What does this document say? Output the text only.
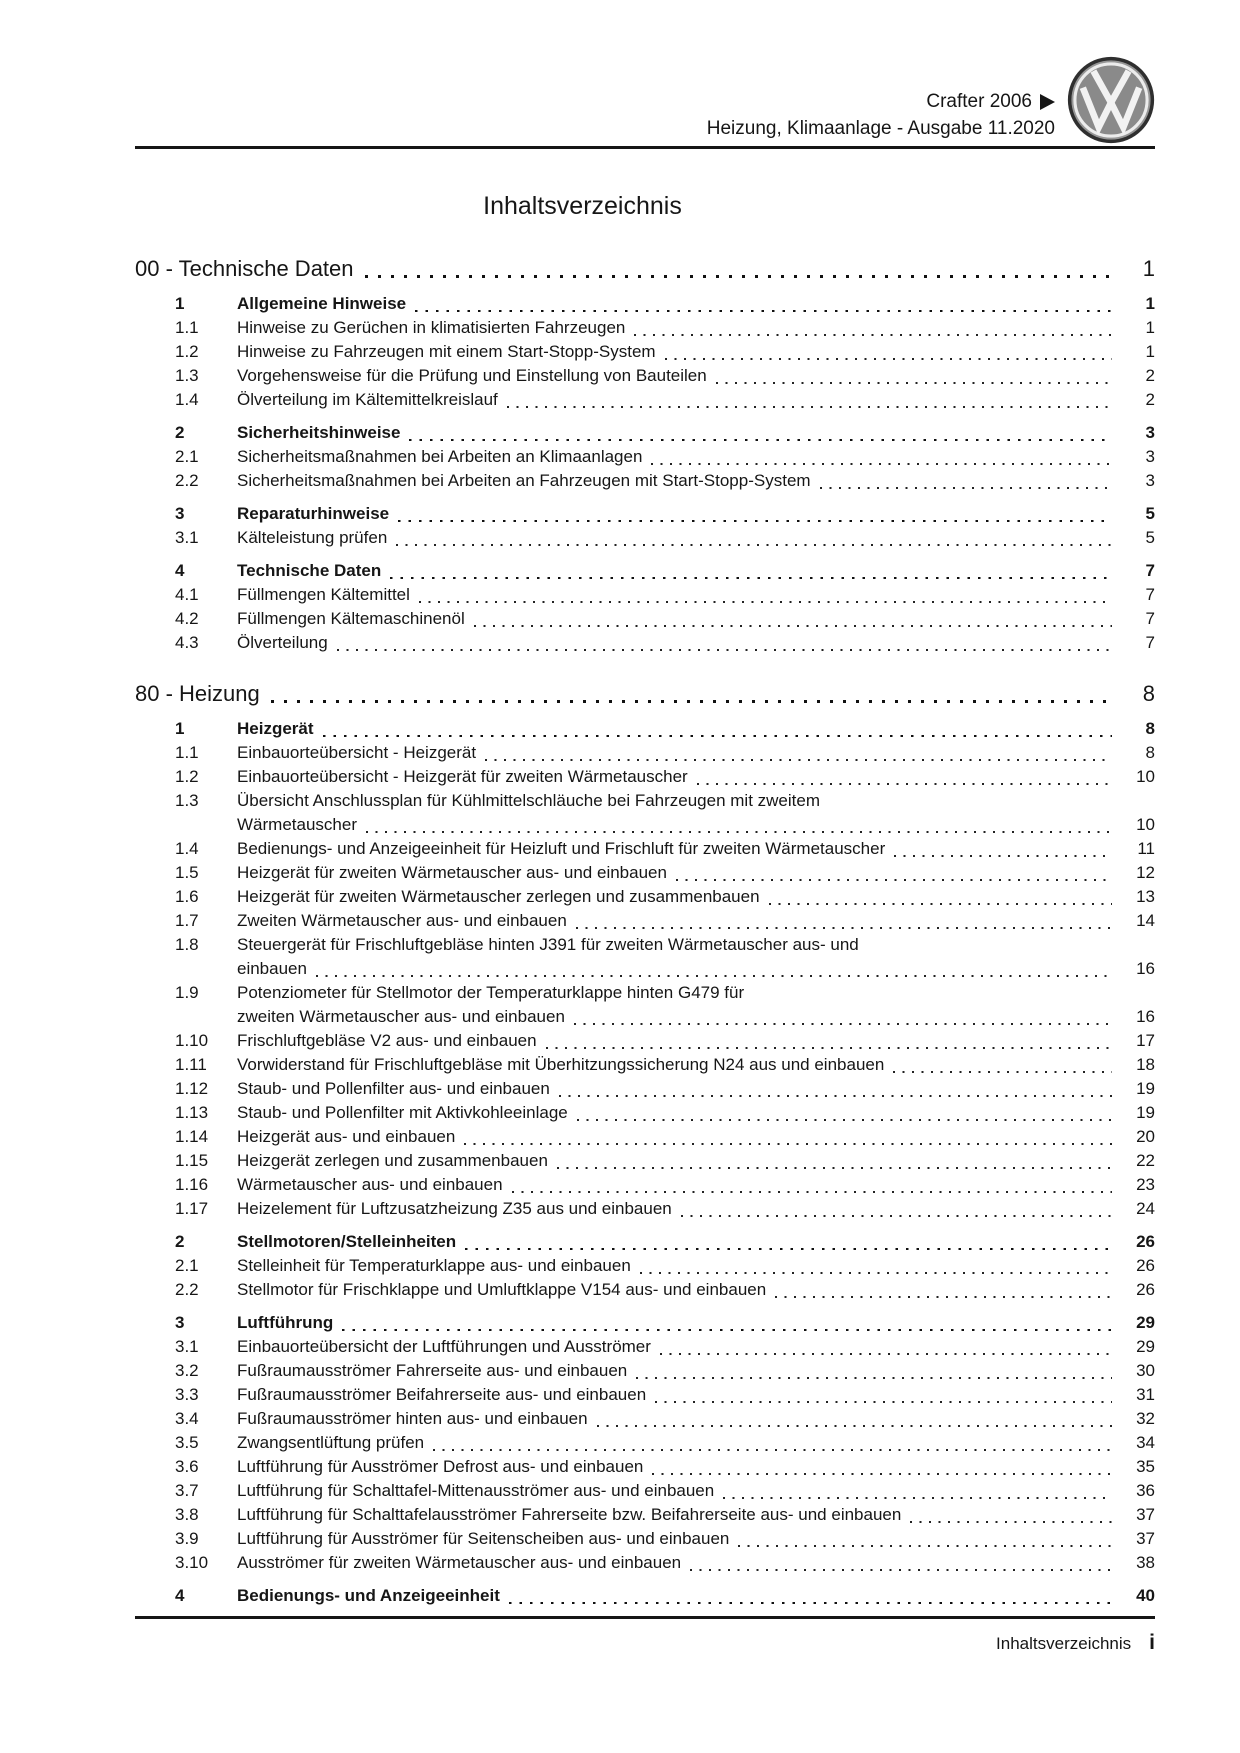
Crafter 2006
Heizung, Klimaanlage - Ausgabe 11.2020
Inhaltsverzeichnis
00 - Technische Daten	1
1	Allgemeine Hinweise	1
1.1	Hinweise zu Gerüchen in klimatisierten Fahrzeugen	1
1.2	Hinweise zu Fahrzeugen mit einem Start-Stopp-System	1
1.3	Vorgehensweise für die Prüfung und Einstellung von Bauteilen	2
1.4	Ölverteilung im Kältemittelkreislauf	2
2	Sicherheitshinweise	3
2.1	Sicherheitsmaßnahmen bei Arbeiten an Klimaanlagen	3
2.2	Sicherheitsmaßnahmen bei Arbeiten an Fahrzeugen mit Start-Stopp-System	3
3	Reparaturhinweise	5
3.1	Kälteleistung prüfen	5
4	Technische Daten	7
4.1	Füllmengen Kältemittel	7
4.2	Füllmengen Kältemaschinenöl	7
4.3	Ölverteilung	7
80 - Heizung	8
1	Heizgerät	8
1.1	Einbauorteübersicht - Heizgerät	8
1.2	Einbauorteübersicht - Heizgerät für zweiten Wärmetauscher	10
1.3	Übersicht Anschlussplan für Kühlmittelschläuche bei Fahrzeugen mit zweitem
Wärmetauscher	10
1.4	Bedienungs- und Anzeigeeinheit für Heizluft und Frischluft für zweiten Wärmetauscher	11
1.5	Heizgerät für zweiten Wärmetauscher aus- und einbauen	12
1.6	Heizgerät für zweiten Wärmetauscher zerlegen und zusammenbauen	13
1.7	Zweiten Wärmetauscher aus- und einbauen	14
1.8	Steuergerät für Frischluftgebläse hinten J391 für zweiten Wärmetauscher aus- und
einbauen	16
1.9	Potenziometer für Stellmotor der Temperaturklappe hinten G479 für
zweiten Wärmetauscher aus- und einbauen	16
1.10	Frischluftgebläse V2 aus- und einbauen	17
1.11	Vorwiderstand für Frischluftgebläse mit Überhitzungssicherung N24 aus und einbauen	18
1.12	Staub- und Pollenfilter aus- und einbauen	19
1.13	Staub- und Pollenfilter mit Aktivkohleeinlage	19
1.14	Heizgerät aus- und einbauen	20
1.15	Heizgerät zerlegen und zusammenbauen	22
1.16	Wärmetauscher aus- und einbauen	23
1.17	Heizelement für Luftzusatzheizung Z35 aus und einbauen	24
2	Stellmotoren/Stelleinheiten	26
2.1	Stelleinheit für Temperaturklappe aus- und einbauen	26
2.2	Stellmotor für Frischklappe und Umluftklappe V154 aus- und einbauen	26
3	Luftführung	29
3.1	Einbauorteübersicht der Luftführungen und Ausströmer	29
3.2	Fußraumausströmer Fahrerseite aus- und einbauen	30
3.3	Fußraumausströmer Beifahrerseite aus- und einbauen	31
3.4	Fußraumausströmer hinten aus- und einbauen	32
3.5	Zwangsentlüftung prüfen	34
3.6	Luftführung für Ausströmer Defrost aus- und einbauen	35
3.7	Luftführung für Schalttafel-Mittenausströmer aus- und einbauen	36
3.8	Luftführung für Schalttafelausströmer Fahrerseite bzw. Beifahrerseite aus- und einbauen	37
3.9	Luftführung für Ausströmer für Seitenscheiben aus- und einbauen	37
3.10	Ausströmer für zweiten Wärmetauscher aus- und einbauen	38
4	Bedienungs- und Anzeigeeinheit	40
Inhaltsverzeichnis i
